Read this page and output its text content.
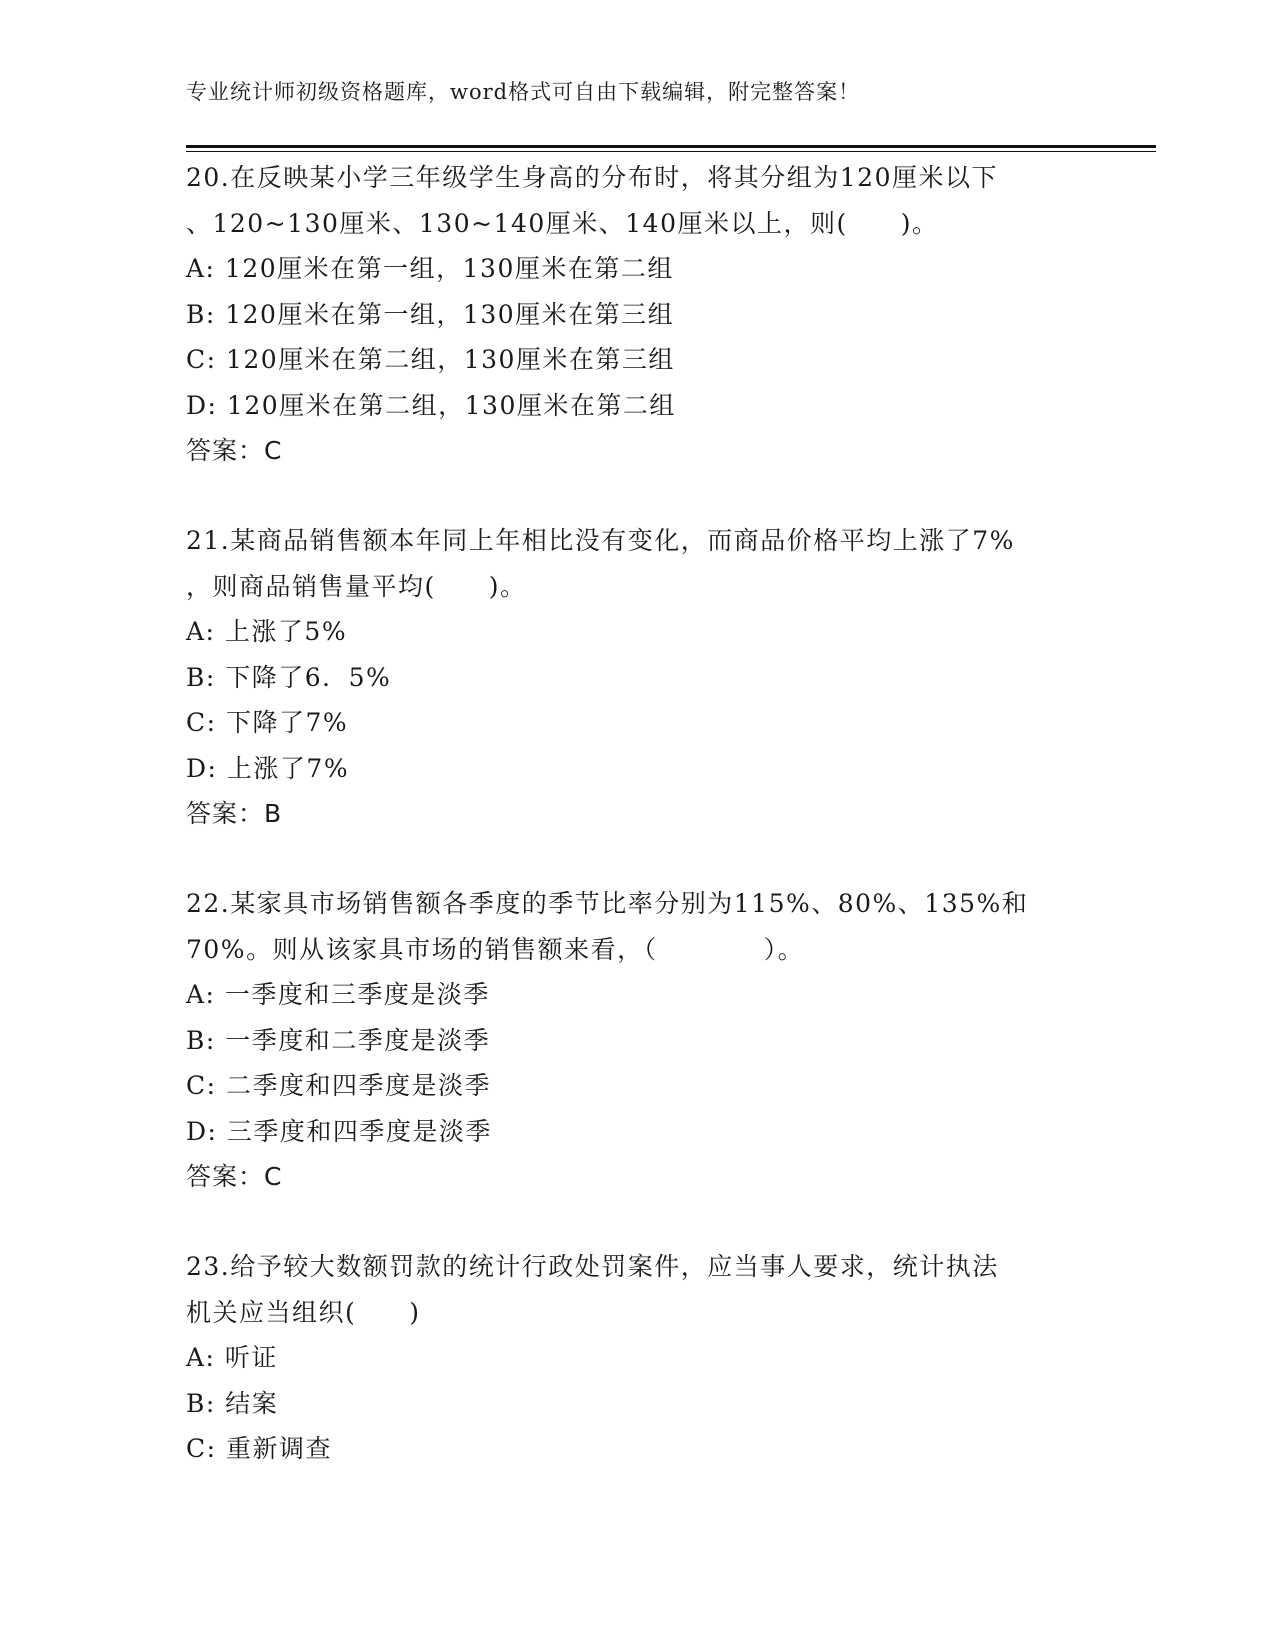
专业统计师初级资格题库，word格式可自由下载编辑，附完整答案！
20.在反映某小学三年级学生身高的分布时，将其分组为120厘米以下
、120~130厘米、130~140厘米、140厘米以上，则(　　)。
A: 120厘米在第一组，130厘米在第二组
B: 120厘米在第一组，130厘米在第三组
C: 120厘米在第二组，130厘米在第三组
D: 120厘米在第二组，130厘米在第二组
答案：C
21.某商品销售额本年同上年相比没有变化，而商品价格平均上涨了7%
，则商品销售量平均(　　)。
A: 上涨了5%
B: 下降了6．5%
C: 下降了7%
D: 上涨了7%
答案：B
22.某家具市场销售额各季度的季节比率分别为115%、80%、135%和
70%。则从该家具市场的销售额来看，（　　　　）。
A: 一季度和三季度是淡季
B: 一季度和二季度是淡季
C: 二季度和四季度是淡季
D: 三季度和四季度是淡季
答案：C
23.给予较大数额罚款的统计行政处罚案件，应当事人要求，统计执法
机关应当组织(　　)
A: 听证
B: 结案
C: 重新调查
